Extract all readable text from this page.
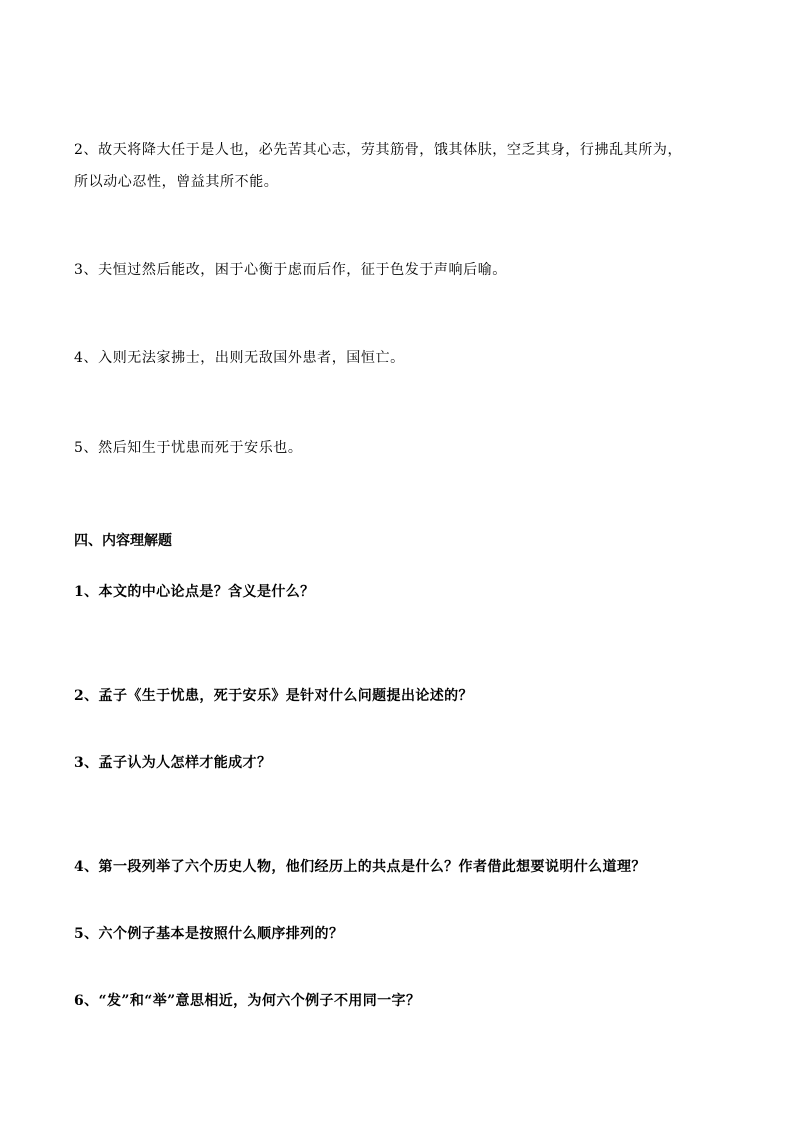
2、故天将降大任于是人也，必先苦其心志，劳其筋骨，饿其体肤，空乏其身，行拂乱其所为，
所以动心忍性，曾益其所不能。
3、夫恒过然后能改，困于心衡于虑而后作，征于色发于声响后喻。
4、入则无法家拂士，出则无敌国外患者，国恒亡。
5、然后知生于忧患而死于安乐也。
四、内容理解题
1、本文的中心论点是？含义是什么？
2、孟子《生于忧患，死于安乐》是针对什么问题提出论述的？
3、孟子认为人怎样才能成才？
4、第一段列举了六个历史人物，他们经历上的共点是什么？作者借此想要说明什么道理？
5、六个例子基本是按照什么顺序排列的？
6、“发”和“举”意思相近，为何六个例子不用同一字？
